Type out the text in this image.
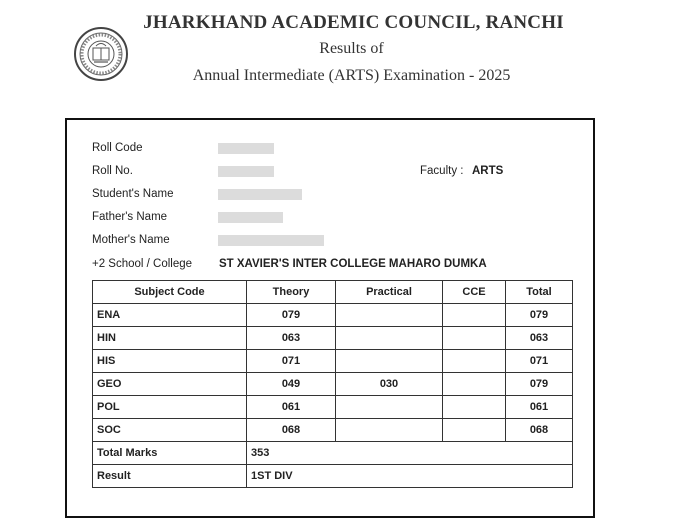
JHARKHAND ACADEMIC COUNCIL, RANCHI
Results of
Annual Intermediate (ARTS) Examination - 2025
Roll Code
Roll No.	Faculty : ARTS
Student's Name
Father's Name
Mother's Name
+2 School / College ST XAVIER'S INTER COLLEGE MAHARO DUMKA
Subject Code	Theory	Practical	CCE	Total
ENA	079			079
HIN	063			063
HIS	071			071
GEO	049	030		079
POL	061			061
SOC	068			068
Total Marks	353			
Result	1ST DIV			
